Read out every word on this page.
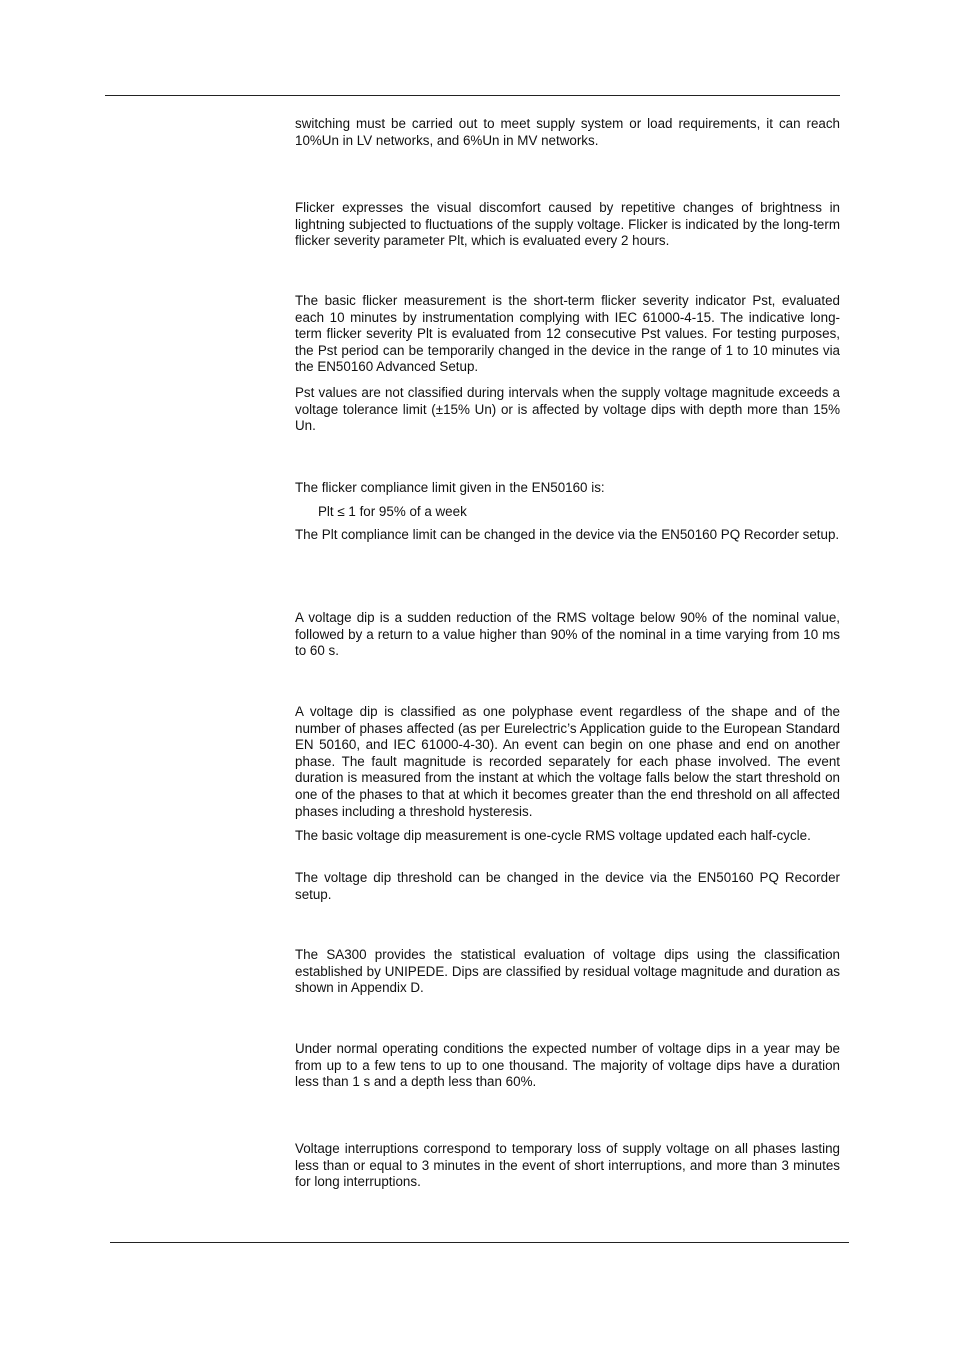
switching must be carried out to meet supply system or load requirements, it can reach 10%Un in LV networks, and 6%Un in MV networks.

Flicker expresses the visual discomfort caused by repetitive changes of brightness in lightning subjected to fluctuations of the supply voltage. Flicker is indicated by the long-term flicker severity parameter Plt, which is evaluated every 2 hours.

The basic flicker measurement is the short-term flicker severity indicator Pst, evaluated each 10 minutes by instrumentation complying with IEC 61000-4-15. The indicative long-term flicker severity Plt is evaluated from 12 consecutive Pst values. For testing purposes, the Pst period can be temporarily changed in the device in the range of 1 to 10 minutes via the EN50160 Advanced Setup.

Pst values are not classified during intervals when the supply voltage magnitude exceeds a voltage tolerance limit (±15% Un) or is affected by voltage dips with depth more than 15% Un.

The flicker compliance limit given in the EN50160 is:

Plt ≤ 1 for 95% of a week

The Plt compliance limit can be changed in the device via the EN50160 PQ Recorder setup.

A voltage dip is a sudden reduction of the RMS voltage below 90% of the nominal value, followed by a return to a value higher than 90% of the nominal in a time varying from 10 ms to 60 s.

A voltage dip is classified as one polyphase event regardless of the shape and of the number of phases affected (as per Eurelectric’s Application guide to the European Standard EN 50160, and IEC 61000-4-30). An event can begin on one phase and end on another phase. The fault magnitude is recorded separately for each phase involved. The event duration is measured from the instant at which the voltage falls below the start threshold on one of the phases to that at which it becomes greater than the end threshold on all affected phases including a threshold hysteresis.

The basic voltage dip measurement is one-cycle RMS voltage updated each half-cycle.

The voltage dip threshold can be changed in the device via the EN50160 PQ Recorder setup.

The SA300 provides the statistical evaluation of voltage dips using the classification established by UNIPEDE. Dips are classified by residual voltage magnitude and duration as shown in Appendix D.

Under normal operating conditions the expected number of voltage dips in a year may be from up to a few tens to up to one thousand. The majority of voltage dips have a duration less than 1 s and a depth less than 60%.

Voltage interruptions correspond to temporary loss of supply voltage on all phases lasting less than or equal to 3 minutes in the event of short interruptions, and more than 3 minutes for long interruptions.
